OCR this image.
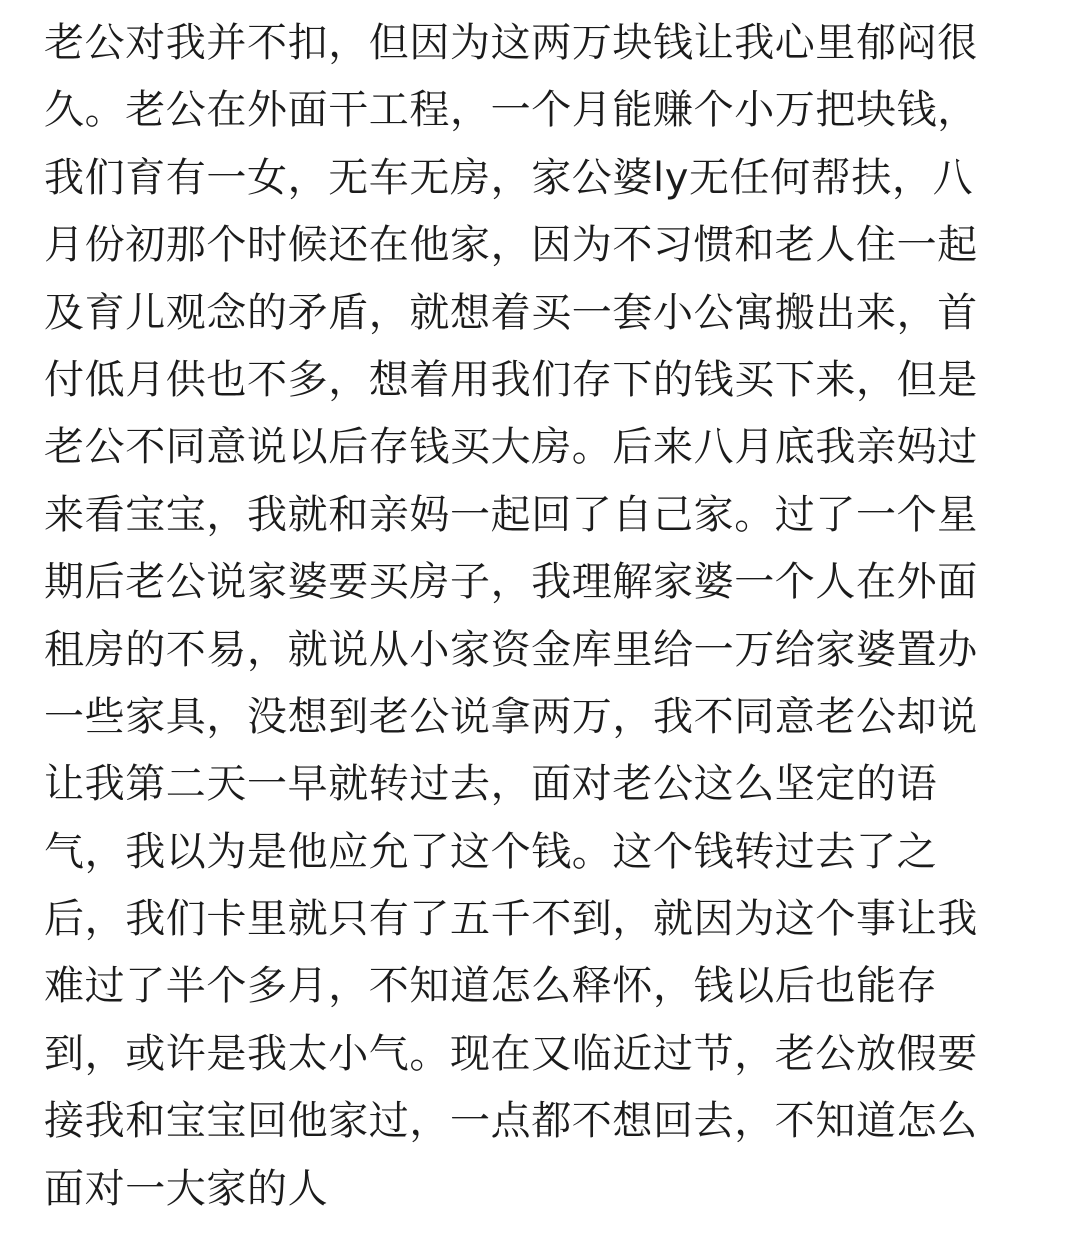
老公对我并不扣，但因为这两万块钱让我心里郁闷很
久。老公在外面干工程，一个月能赚个小万把块钱，
我们育有一女，无车无房，家公婆ly无任何帮扶，八
月份初那个时候还在他家，因为不习惯和老人住一起
及育儿观念的矛盾，就想着买一套小公寓搬出来，首
付低月供也不多，想着用我们存下的钱买下来，但是
老公不同意说以后存钱买大房。后来八月底我亲妈过
来看宝宝，我就和亲妈一起回了自己家。过了一个星
期后老公说家婆要买房子，我理解家婆一个人在外面
租房的不易，就说从小家资金库里给一万给家婆置办
一些家具，没想到老公说拿两万，我不同意老公却说
让我第二天一早就转过去，面对老公这么坚定的语
气，我以为是他应允了这个钱。这个钱转过去了之
后，我们卡里就只有了五千不到，就因为这个事让我
难过了半个多月，不知道怎么释怀，钱以后也能存
到，或许是我太小气。现在又临近过节，老公放假要
接我和宝宝回他家过，一点都不想回去，不知道怎么
面对一大家的人
